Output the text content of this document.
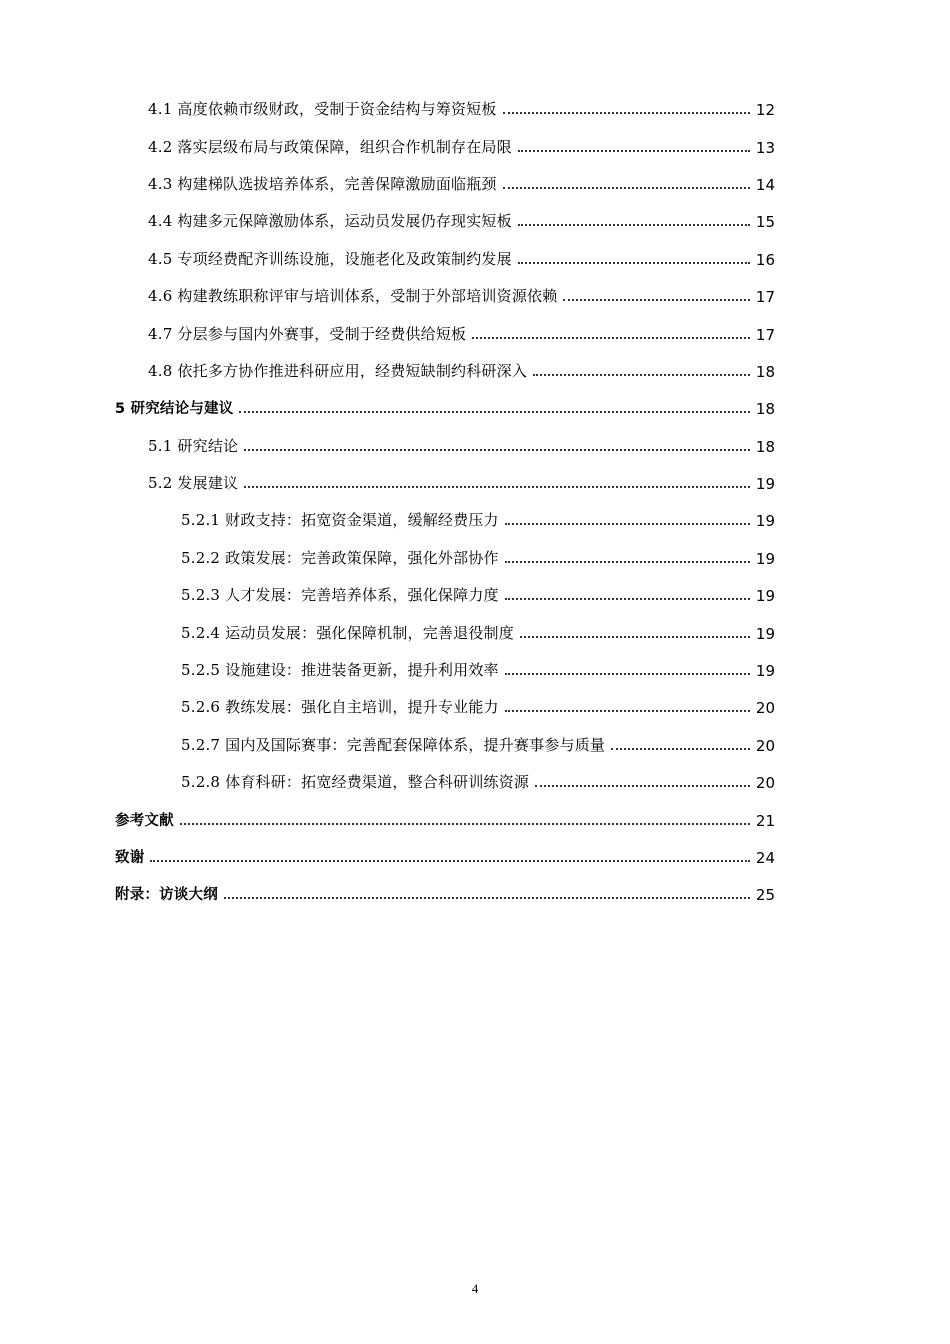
4.1 高度依赖市级财政，受制于资金结构与筹资短板	12
4.2 落实层级布局与政策保障，组织合作机制存在局限	13
4.3 构建梯队选拔培养体系，完善保障激励面临瓶颈	14
4.4 构建多元保障激励体系，运动员发展仍存现实短板	15
4.5 专项经费配齐训练设施，设施老化及政策制约发展	16
4.6 构建教练职称评审与培训体系，受制于外部培训资源依赖	17
4.7 分层参与国内外赛事，受制于经费供给短板	17
4.8 依托多方协作推进科研应用，经费短缺制约科研深入	18
5 研究结论与建议	18
5.1 研究结论	18
5.2 发展建议	19
5.2.1 财政支持：拓宽资金渠道，缓解经费压力	19
5.2.2 政策发展：完善政策保障，强化外部协作	19
5.2.3 人才发展：完善培养体系，强化保障力度	19
5.2.4 运动员发展：强化保障机制，完善退役制度	19
5.2.5 设施建设：推进装备更新，提升利用效率	19
5.2.6 教练发展：强化自主培训，提升专业能力	20
5.2.7 国内及国际赛事：完善配套保障体系，提升赛事参与质量	20
5.2.8 体育科研：拓宽经费渠道，整合科研训练资源	20
参考文献	21
致谢	24
附录：访谈大纲	25
4
